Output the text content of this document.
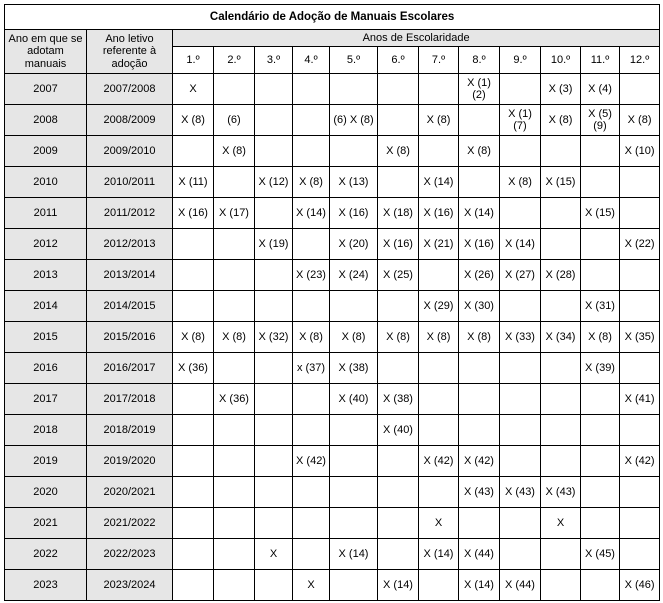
Calendário de Adoção de Manuais Escolares													
Ano em que se adotam manuais	Ano letivo referente à adoção	Anos de Escolaridade											
		1.º	2.º	3.º	4.º	5.º	6.º	7.º	8.º	9.º	10.º	11.º	12.º
2007	2007/2008	X							X (1) (2)		X (3)	X (4)	
2008	2008/2009	X (8)	(6)			(6) X (8)		X (8)		X (1) (7)	X (8)	X (5) (9)	X (8)
2009	2009/2010		X (8)				X (8)		X (8)				X (10)
2010	2010/2011	X (11)		X (12)	X (8)	X (13)		X (14)		X (8)	X (15)		
2011	2011/2012	X (16)	X (17)		X (14)	X (16)	X (18)	X (16)	X (14)			X (15)	
2012	2012/2013			X (19)		X (20)	X (16)	X (21)	X (16)	X (14)			X (22)
2013	2013/2014				X (23)	X (24)	X (25)		X (26)	X (27)	X (28)		
2014	2014/2015							X (29)	X (30)			X (31)	
2015	2015/2016	X (8)	X (8)	X (32)	X (8)	X (8)	X (8)	X (8)	X (8)	X (33)	X (34)	X (8)	X (35)
2016	2016/2017	X (36)			x (37)	X (38)						X (39)	
2017	2017/2018		X (36)			X (40)	X (38)						X (41)
2018	2018/2019						X (40)						
2019	2019/2020				X (42)			X (42)	X (42)				X (42)
2020	2020/2021								X (43)	X (43)	X (43)		
2021	2021/2022							X			X		
2022	2022/2023			X		X (14)		X (14)	X (44)			X (45)	
2023	2023/2024				X		X (14)		X (14)	X (44)			X (46)
